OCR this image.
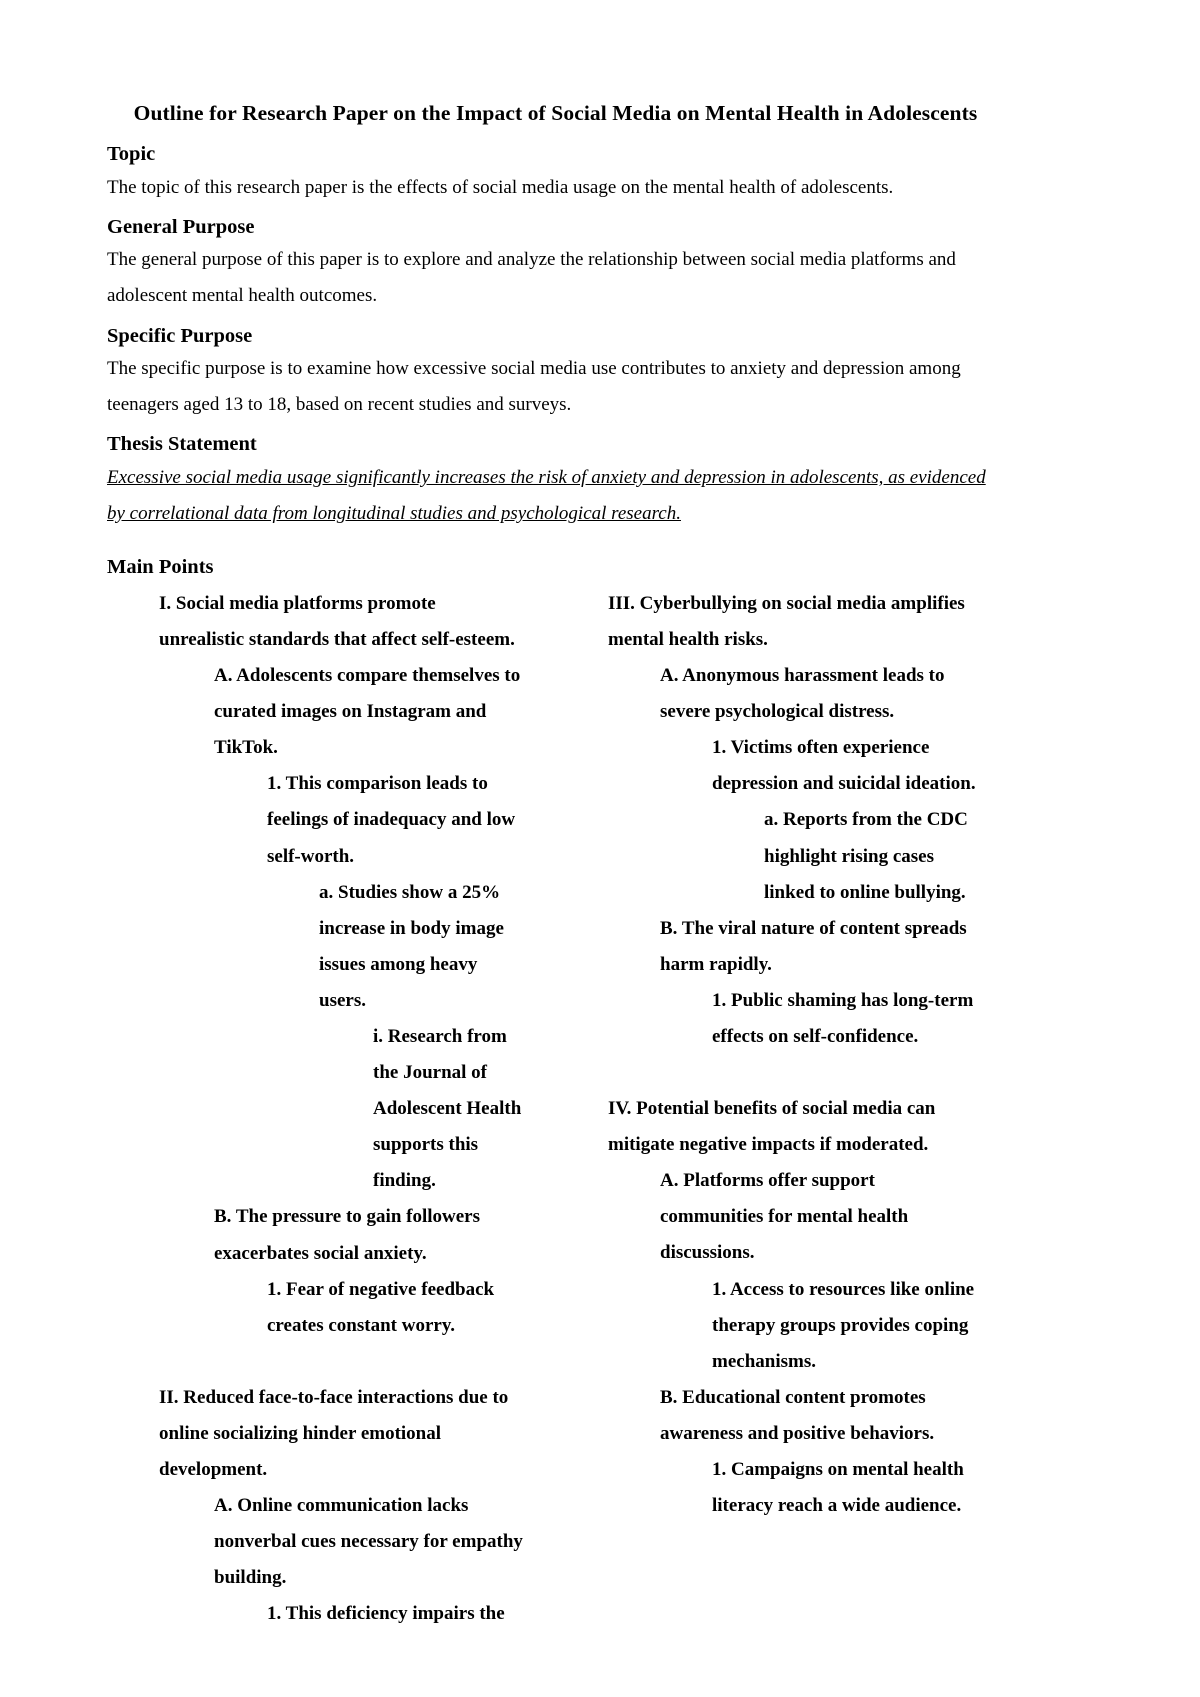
Outline for Research Paper on the Impact of Social Media on Mental Health in Adolescents
Topic

The topic of this research paper is the effects of social media usage on the mental health of adolescents.

General Purpose

The general purpose of this paper is to explore and analyze the relationship between social media platforms and adolescent mental health outcomes.

Specific Purpose

The specific purpose is to examine how excessive social media use contributes to anxiety and depression among teenagers aged 13 to 18, based on recent studies and surveys.

Thesis Statement

Excessive social media usage significantly increases the risk of anxiety and depression in adolescents, as evidenced by correlational data from longitudinal studies and psychological research.

Main Points

I. Social media platforms promote unrealistic standards that affect self-esteem.

A. Adolescents compare themselves to curated images on Instagram and TikTok.

1. This comparison leads to feelings of inadequacy and low self-worth.

a. Studies show a 25% increase in body image issues among heavy users.

i. Research from the Journal of Adolescent Health supports this finding.

B. The pressure to gain followers exacerbates social anxiety.

1. Fear of negative feedback creates constant worry.

II. Reduced face-to-face interactions due to online socializing hinder emotional development.

A. Online communication lacks nonverbal cues necessary for empathy building.

1. This deficiency impairs the

III. Cyberbullying on social media amplifies mental health risks.

A. Anonymous harassment leads to severe psychological distress.

1. Victims often experience depression and suicidal ideation.

a. Reports from the CDC highlight rising cases linked to online bullying.

B. The viral nature of content spreads harm rapidly.

1. Public shaming has long-term effects on self-confidence.

IV. Potential benefits of social media can mitigate negative impacts if moderated.

A. Platforms offer support communities for mental health discussions.

1. Access to resources like online therapy groups provides coping mechanisms.

B. Educational content promotes awareness and positive behaviors.

1. Campaigns on mental health literacy reach a wide audience.
